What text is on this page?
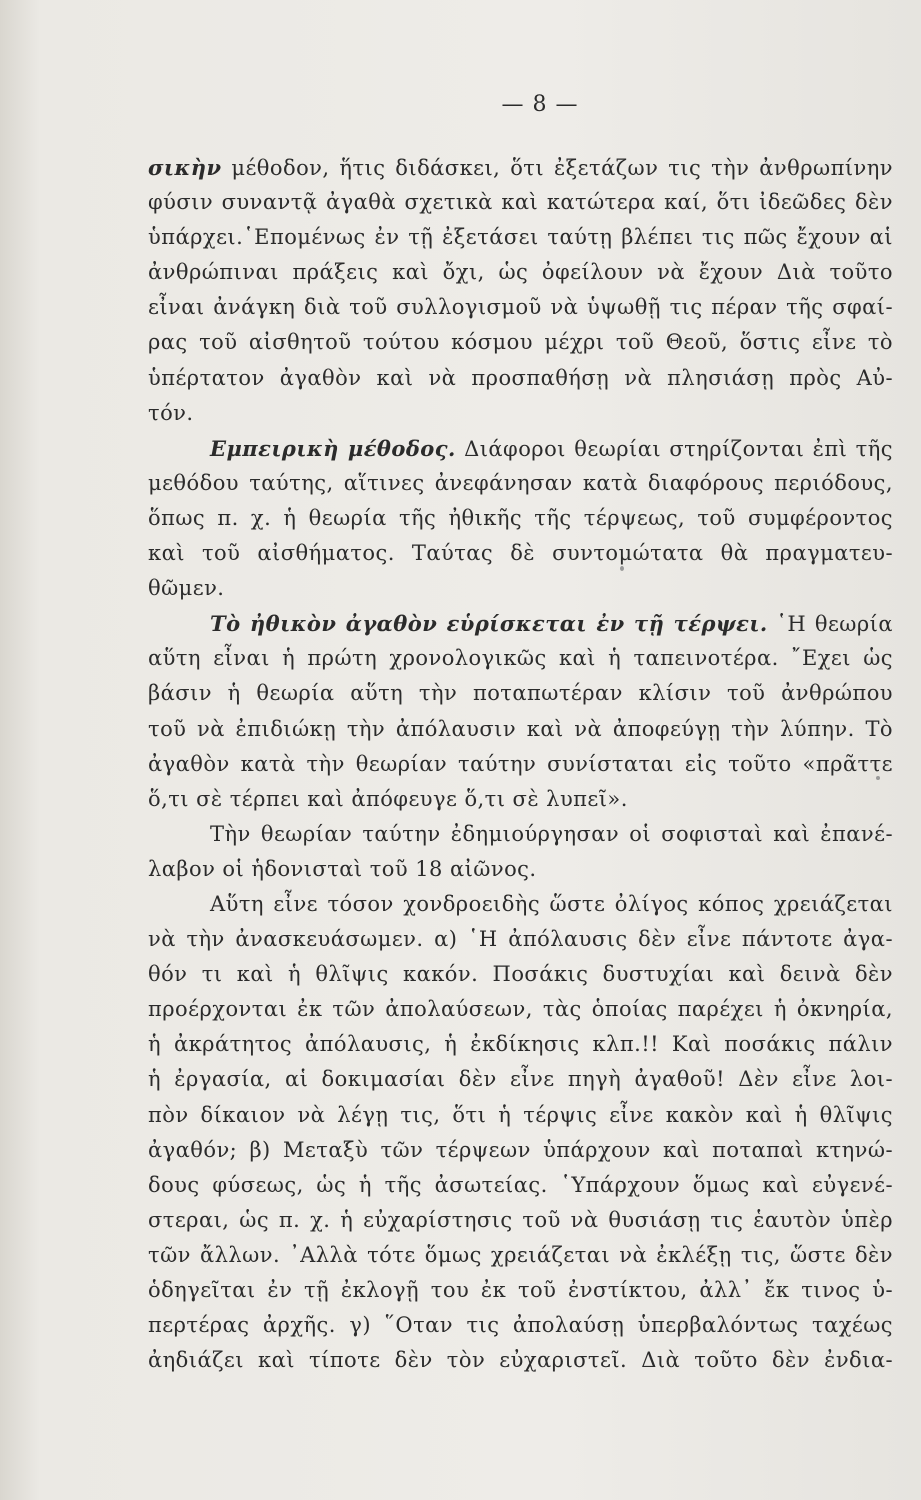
— 8 —
σικὴν μέθοδον, ἥτις διδάσκει, ὅτι ἐξετάζων τις τὴν ἀνθρωπίνην
φύσιν συναντᾷ ἀγαθὰ σχετικὰ καὶ κατώτερα καί, ὅτι ἰδεῶδες δὲν
ὑπάρχει.῾Επομένως ἐν τῇ ἐξετάσει ταύτῃ βλέπει τις πῶς ἔχουν αἱ
ἀνθρώπιναι πράξεις καὶ ὄχι, ὡς ὀφείλουν νὰ ἔχουν Διὰ τοῦτο
εἶναι ἀνάγκη διὰ τοῦ συλλογισμοῦ νὰ ὑψωθῇ τις πέραν τῆς σφαί-
ρας τοῦ αἰσθητοῦ τούτου κόσμου μέχρι τοῦ Θεοῦ, ὅστις εἶνε τὸ
ὑπέρτατον ἀγαθὸν καὶ νὰ προσπαθήσῃ νὰ πλησιάσῃ πρὸς Αὐ-
τόν.
Εμπειρικὴ μέθοδος. Διάφοροι θεωρίαι στηρίζονται ἐπὶ τῆς
μεθόδου ταύτης, αἵτινες ἀνεφάνησαν κατὰ διαφόρους περιόδους,
ὅπως π. χ. ἡ θεωρία τῆς ἠθικῆς τῆς τέρψεως, τοῦ συμφέροντος
καὶ τοῦ αἰσθήματος. Ταύτας δὲ συντομώτατα θὰ πραγματευ-
θῶμεν.
Τὸ ἠθικὸν ἀγαθὸν εὑρίσκεται ἐν τῇ τέρψει. ῾Η θεωρία
αὕτη εἶναι ἡ πρώτη χρονολογικῶς καὶ ἡ ταπεινοτέρα. ῎Εχει ὡς
βάσιν ἡ θεωρία αὕτη τὴν ποταπωτέραν κλίσιν τοῦ ἀνθρώπου
τοῦ νὰ ἐπιδιώκῃ τὴν ἀπόλαυσιν καὶ νὰ ἀποφεύγῃ τὴν λύπην. Τὸ
ἀγαθὸν κατὰ τὴν θεωρίαν ταύτην συνίσταται εἰς τοῦτο «πρᾶττε
ὅ,τι σὲ τέρπει καὶ ἀπόφευγε ὅ,τι σὲ λυπεῖ».
Τὴν θεωρίαν ταύτην ἐδημιούργησαν οἱ σοφισταὶ καὶ ἐπανέ-
λαβον οἱ ἡδονισταὶ τοῦ 18 αἰῶνος.
Αὕτη εἶνε τόσον χονδροειδὴς ὥστε ὀλίγος κόπος χρειάζεται
νὰ τὴν ἀνασκευάσωμεν. α) ῾Η ἀπόλαυσις δὲν εἶνε πάντοτε ἀγα-
θόν τι καὶ ἡ θλῖψις κακόν. Ποσάκις δυστυχίαι καὶ δεινὰ δὲν
προέρχονται ἐκ τῶν ἀπολαύσεων, τὰς ὁποίας παρέχει ἡ ὀκνηρία,
ἡ ἀκράτητος ἀπόλαυσις, ἡ ἐκδίκησις κλπ.!! Καὶ ποσάκις πάλιν
ἡ ἐργασία, αἱ δοκιμασίαι δὲν εἶνε πηγὴ ἀγαθοῦ! Δὲν εἶνε λοι-
πὸν δίκαιον νὰ λέγῃ τις, ὅτι ἡ τέρψις εἶνε κακὸν καὶ ἡ θλῖψις
ἀγαθόν; β) Μεταξὺ τῶν τέρψεων ὑπάρχουν καὶ ποταπαὶ κτηνώ-
δους φύσεως, ὡς ἡ τῆς ἀσωτείας. ῾Υπάρχουν ὅμως καὶ εὐγενέ-
στεραι, ὡς π. χ. ἡ εὐχαρίστησις τοῦ νὰ θυσιάσῃ τις ἑαυτὸν ὑπὲρ
τῶν ἄλλων. ᾿Αλλὰ τότε ὅμως χρειάζεται νὰ ἐκλέξῃ τις, ὥστε δὲν
ὁδηγεῖται ἐν τῇ ἐκλογῇ του ἐκ τοῦ ἐνστίκτου, ἀλλ᾿ ἔκ τινος ὑ-
περτέρας ἀρχῆς. γ) ῞Οταν τις ἀπολαύσῃ ὑπερβαλόντως ταχέως
ἀηδιάζει καὶ τίποτε δὲν τὸν εὐχαριστεῖ. Διὰ τοῦτο δὲν ἐνδια-
